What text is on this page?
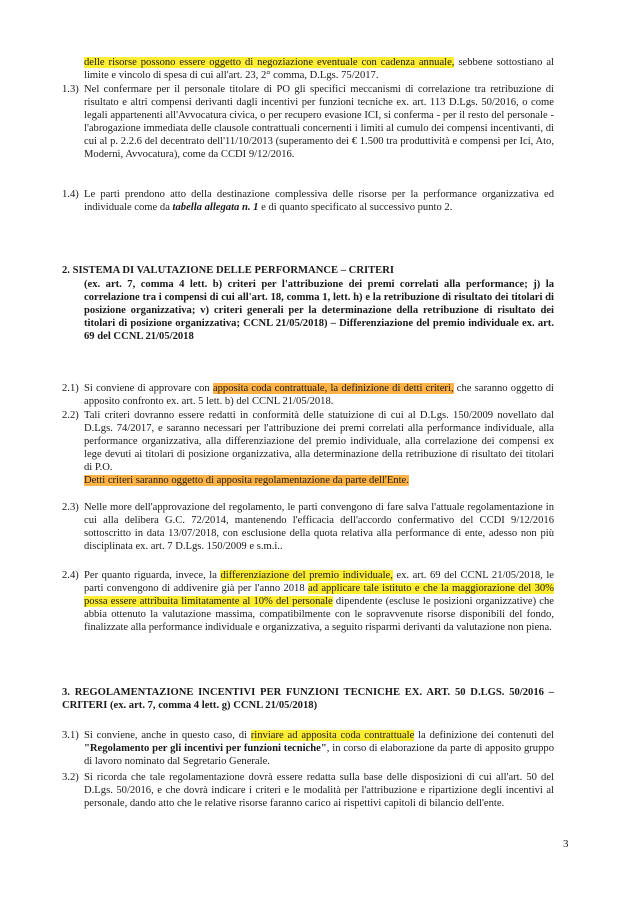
delle risorse possono essere oggetto di negoziazione eventuale con cadenza annuale, sebbene sottostiano al limite e vincolo di spesa di cui all'art. 23, 2° comma, D.Lgs. 75/2017.
1.3) Nel confermare per il personale titolare di PO gli specifici meccanismi di correlazione tra retribuzione di risultato e altri compensi derivanti dagli incentivi per funzioni tecniche ex. art. 113 D.Lgs. 50/2016, o come legali appartenenti all'Avvocatura civica, o per recupero evasione ICI, si conferma - per il resto del personale - l'abrogazione immediata delle clausole contrattuali concernenti i limiti al cumulo dei compensi incentivanti, di cui al p. 2.2.6 del decentrato dell'11/10/2013 (superamento dei € 1.500 tra produttività e compensi per Ici, Ato, Moderni, Avvocatura), come da CCDI 9/12/2016.
1.4) Le parti prendono atto della destinazione complessiva delle risorse per la performance organizzativa ed individuale come da tabella allegata n. 1 e di quanto specificato al successivo punto 2.
2. SISTEMA DI VALUTAZIONE DELLE PERFORMANCE – CRITERI
(ex. art. 7, comma 4 lett. b) criteri per l'attribuzione dei premi correlati alla performance; j) la correlazione tra i compensi di cui all'art. 18, comma 1, lett. h) e la retribuzione di risultato dei titolari di posizione organizzativa; v) criteri generali per la determinazione della retribuzione di risultato dei titolari di posizione organizzativa; CCNL 21/05/2018) – Differenziazione del premio individuale ex. art. 69 del CCNL 21/05/2018
2.1) Si conviene di approvare con apposita coda contrattuale, la definizione di detti criteri, che saranno oggetto di apposito confronto ex. art. 5 lett. b) del CCNL 21/05/2018.
2.2) Tali criteri dovranno essere redatti in conformità delle statuizione di cui al D.Lgs. 150/2009 novellato dal D.Lgs. 74/2017, e saranno necessari per l'attribuzione dei premi correlati alla performance individuale, alla performance organizzativa, alla differenziazione del premio individuale, alla correlazione dei compensi ex lege devuti ai titolari di posizione organizzativa, alla determinazione della retribuzione di risultato dei titolari di P.O.
Detti criteri saranno oggetto di apposita regolamentazione da parte dell'Ente.
2.3) Nelle more dell'approvazione del regolamento, le parti convengono di fare salva l'attuale regolamentazione in cui alla delibera G.C. 72/2014, mantenendo l'efficacia dell'accordo confermativo del CCDI 9/12/2016 sottoscritto in data 13/07/2018, con esclusione della quota relativa alla performance di ente, adesso non più disciplinata ex. art. 7 D.Lgs. 150/2009 e s.m.i..
2.4) Per quanto riguarda, invece, la differenziazione del premio individuale, ex. art. 69 del CCNL 21/05/2018, le parti convengono di addivenire già per l'anno 2018 ad applicare tale istituto e che la maggiorazione del 30% possa essere attribuita limitatamente al 10% del personale dipendente (escluse le posizioni organizzative) che abbia ottenuto la valutazione massima, compatibilmente con le sopravvenute risorse disponibili del fondo, finalizzate alla performance individuale e organizzativa, a seguito risparmi derivanti da valutazione non piena.
3. REGOLAMENTAZIONE INCENTIVI PER FUNZIONI TECNICHE EX. ART. 50 D.LGS. 50/2016 – CRITERI (ex. art. 7, comma 4 lett. g) CCNL 21/05/2018)
3.1) Si conviene, anche in questo caso, di rinviare ad apposita coda contrattuale la definizione dei contenuti del "Regolamento per gli incentivi per funzioni tecniche", in corso di elaborazione da parte di apposito gruppo di lavoro nominato dal Segretario Generale.
3.2) Si ricorda che tale regolamentazione dovrà essere redatta sulla base delle disposizioni di cui all'art. 50 del D.Lgs. 50/2016, e che dovrà indicare i criteri e le modalità per l'attribuzione e ripartizione degli incentivi al personale, dando atto che le relative risorse faranno carico ai rispettivi capitoli di bilancio dell'ente.
3
